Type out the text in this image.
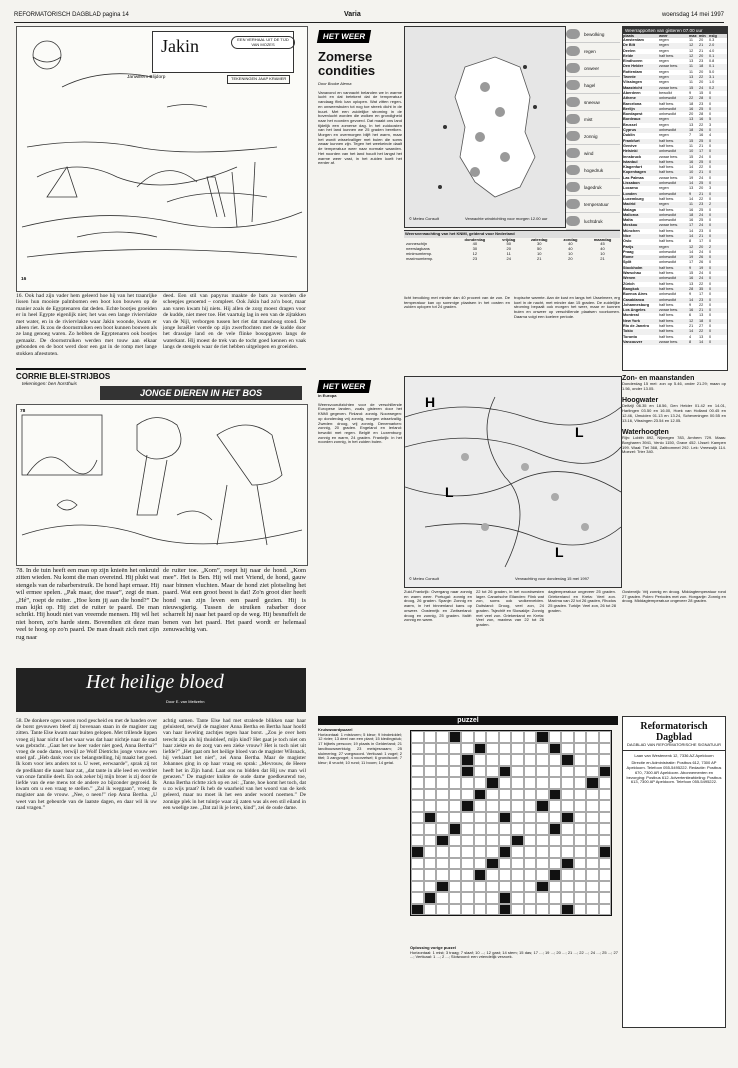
REFORMATORISCH DAGBLAD pagina 14	Varia	woensdag 14 mei 1997
Jakin	EEN VERHAAL UIT DE TIJD VAN MOZES
Janwillem Blijdorp	TEKENINGEN JAAP KRAMER
16
16. Ook had zijn vader hem geleerd hoe hij van het traanrijke lissen hun mooiste palmbomen een boot kon bouwen op de manier zoals de Egyptenaren dat deden. Echte bootjes groeiden er in heel Egypte eigenlijk niet; het was een lange riviervlakte met water, en in de riviervlakte waar Jakin woonde, kwam er alleen riet. Ik zou de doornstruiken een boot kunnen bouwen als ze lang genoeg waren. Zo hebben de Egyptenaren ook bootjes gemaakt. De doornstruiken werden met touw aan elkaar gebonden en de boot werd door een gat in de romp met lange stokken afgestoten.
deed. Een stil van papyrus maakte de bats zo worden die scheepjes genoemd – compleet. Ook Jakin had zo'n boot, maar aan varen kwam hij niets. Hij allen de zorg moest dragen voor de kudde, niet meer toe. Het vaartuig lag in een van de zijtakken van de Nijl, verborgen tussen het riet dat manshoog stond. De jonge Israëliet voerde op zijn zwerftochten met de kudde door het drassige land en de vele flinke bosopgaven langs de waterkant. Hij moest de trek van de tocht goed kennen en vaak langs de stengels waar de riet hebben uitgelopen en groeiden.
CORRIE BLEI-STRIJBOS
tekeningen: ben horsthuis
JONGE DIEREN IN HET BOS
78
78. In de tuin heeft een man op zijn knieën het onkruid zitten wieden. Nu komt die man overeind. Hij plukt wat stengels van de rabarberstruik. De hond hapt ernaar. Hij wil ermee spelen. „Pak maar, doe maar”, zegt de man. „Hé”, roept de ruiter. „Hoe kom jij aan die hond?” De man kijkt op. Hij ziet de ruiter te paard. De man schrikt. Hij houdt niet van vreemde mensen. Hij wil het niet horen, zo'n harde stem. Bovendien zit deze man veel te hoog op zo'n paard. De man draait zich met zijn rug naar
de ruiter toe. „Kom”, roept hij naar de hond. „Kom mee”. Het is Ben. Hij wil met Vriend, de hond, gauw naar binnen vluchten. Maar de hond ziet plotseling het paard. Wat een groot beest is dat! Zo'n groot dier heeft hond van zijn leven een paard gezien. Hij is nieuwsgierig. Tussen de struiken rabarber door scharrelt hij naar het paard op de weg. Hij besnuffelt de benen van het paard. Het paard wordt er helemaal zenuwachtig van.
Het heilige bloed
Door E. van Meltzehn
58. De donkere ogen waren rood gescheid en met de handen over de borst gevouwen bleef zij bovenaan staan in de magister zag zitten. Tante Else kwam naar buiten gelopen. Met trillende lippen vroeg zij haar nicht of het waar was dat haar nichtje naar de stad was gebracht. „Gaat het uw heer vader niet goed, Anna Bertha?” vroeg de oude dame, terwijl ze Wolf Dietrichs jonge vrouw een stoel gaf. „Heb dank voor uw belangstelling, hij maakt het goed. Ik kom voor iets anders tot u. U weet, eerwaarde”, sprak zij tot de predikant die naast haar zat, „dat tante in alle leed en verdriet van onze familie deelt. En ook zeker bij mijn broer is zij door de liefde van de ene mens tot de andere zo bijzonder gegroeid. Ik kwam om u een vraag te stellen.” „Zal ik weggaan”, vroeg de magister aan de vrouw. „Nee, o neen!” riep Anna Bertha. „U weet van het gebeurde van de laatste dagen, en daar wil ik uw raad vragen.”
achtig samen. Tante Else had met stralende blikken naar haar geluisterd, terwijl de magister Anna Bertha en Bertha haar hoofd van haar lieveling zachtjes tegen haar borst. „Zou je over hem terecht zijn als hij thuisbleef, mijn kind? Het gaat je toch niet om haar ziekte en de zorg van een zieke vrouw? Het is toch niet uit liefde?” „Het gaat om het heilige bloed van de magister Wilsnack, hij verklaart het niet”, zei Anna Bertha. Maar de magister Johannes ging in op haar vraag en sprak: „Mevrouw, de Heere heeft het in Zijn hand. Laat ons nu bidden dat Hij uw man wil genezen.” De magister knikte de oude dame goedkeurend toe, Anna Bertha richtte zich op en zei: „Tante, hoe komt het toch, dat u zo wijs praat? Ik heb de waarheid van het woord van de kerk geleerd, maar nu moet ik het een ander woord noemen.” De zonnige plek in het tuintje waar zij zaten was als een stil eiland in een woelige zee. „Dat zal ik je leren, kind”, zei de oude dame.
HET WEER
Zomerse condities
Door Bouke Alema
Vanavond en vannacht belanden we in warme lucht en dat betekent dat de temperatuur vandaag flink kan oplopen. Wat zitten regen- en onweersbuien tot nog toe streek dicht in de buurt. Met een zuidelijke stroming in de bovenlucht worden die wolken en grondigheid naar het noorden gevoerd. Dat maakt ons land tijdelijk een zomerse dag. In het zuidoosten van het land kunnen we 25 graden bereiken. Morgen en overmorgen blijft het warm, maar het wordt wisselvalliger met buien die soms zwaar kunnen zijn. Tegen het weekeinde daalt de temperatuur weer naar normale waarden. Het noorden van het land houdt het langst het warme weer vast, in het zuiden koelt het eerder af.
© Meteo Consult	Verwachte windrichting voor morgen 12.00 uur
bewolking
regen
onweer
hagel
sneeuw
mist
zonnig
wind
hogedruk
lagedruk
temperatuur
luchtdruk
Weersverwachting van het KNMI, geldend voor Nederland
	donderdag	vrijdag	zaterdag	zondag	maandag
zonneschijn	40	50	30	40	45
neerslagkans	30	20	50	40	40
minimumtemp.	12	11	10	10	10
maximumtemp.	23	24	21	20	21
licht bevolking met minder dan 40 procent van de zon. De temperatuur kan op sommige plaatsen in het oosten en zuiden oplopen tot 24 graden.
tropische warmte. Aan de kust en langs het IJsselmeer, erg koel in de nacht, met minder dan 15 graden. De zuidelijke stroming bepaalt ook morgen het weer, maar er kunnen buien en onweer op verschillende plaatsen voorkomen. Daarna volgt een koelere periode.
Weerrapporten van gisteren 07.00 uur
plaats	weer	max min nslg
Amsterdam	regen	11	20	0.3
De Bilt	regen	12	21	2.0
Deelen	regen	12	21	4.0
Eelde	half bew.	12	20	0.1
Eindhoven	regen	13	23	0.8
Den Helder	zwaar bew.	11	18	0.1
Rotterdam	regen	11	20	5.0
Twente	regen	13	22	3.1
Vlissingen	regen	11	20	1.0
Maastricht	zwaar bew.	15	24	0.2
Aberdeen	bewolkt	9	15	0
Athene	onbewolkt	22	28	0
Barcelona	half bew.	18	23	0
Berlijn	onbewolkt	16	25	0
Boedapest	onbewolkt	20	28	0
Bordeaux	regen	13	16	5
Brussel	regen	13	22	3
Cyprus	onbewolkt	18	26	0
Dublin	regen	7	16	4
Frankfurt	half bew.	15	25	0
Genève	half bew.	11	21	0
Helsinki	onbewolkt	10	17	0
Innsbruck	zwaar bew.	15	24	0
Istanbul	half bew.	16	25	0
Klagenfurt	half bew.	14	22	0
Kopenhagen	half bew.	10	21	0
Las Palmas	zwaar bew.	19	24	0
Lissabon	onbewolkt	14	25	0
Locarno	regen	13	20	3
Londen	onbewolkt	9	21	0
Luxemburg	half bew.	14	22	0
Madrid	regen	11	23	2
Malaga	half bew.	16	25	0
Mallorca	onbewolkt	18	24	0
Malta	onbewolkt	16	25	0
Moskou	zwaar bew.	17	24	0
München	half bew.	14	23	0
Nice	half bew.	14	21	0
Oslo	half bew.	8	17	0
Parijs	regen	12	20	2
Praag	onbewolkt	14	24	0
Rome	onbewolkt	19	26	0
Split	onbewolkt	17	26	0
Stockholm	half bew.	9	19	0
Warschau	half bew.	15	24	0
Wenen	onbewolkt	16	24	0
Zürich	half bew.	13	22	0
Bangkok	half bew.	28	35	0
Buenos Aires	onbewolkt	9	17	0
Casablanca	onbewolkt	14	23	0
Johannesburg	half bew.	9	22	0
Los Angeles	zwaar bew.	16	21	0
Montreal	half bew.	6	13	0
New York	half bew.	12	18	0
Rio de Janeiro	half bew.	21	27	0
Tokio	half bew.	14	22	0
Toronto	half bew.	4	13	0
Vancouver	zwaar bew.	8	14	0
Zon- en maanstanden
Donderdag 15 mei: zon op 5.46, onder 21.29; maan op 1.56, onder 13.05.
Hoogwater
Delfzijl 06.35 en 18.56, Den Helder 01.42 en 14.01, Harlingen 03.50 en 16.00, Hoek van Holland 00.45 en 12.46, IJmuiden 01.13 en 13.24, Scheveningen 00.55 en 13.16, Vlissingen 23.54 en 12.05.
Waterhoogten
Rijn: Lobith 892, Nijmegen 783, Arnhem 729. Maas: Borgharen 3941, Venlo 1150, Grave 452. IJssel: Kampen 199. Waal: Tiel 368, Zaltbommel 292. Lek: Vreeswijk 114. Moezel: Trier 340.
HET WEER
in Europa
Weersvooruitzichten voor de verschillende Europese landen, zoals gisteren door het KNMI gegeven. Finland: zonnig. Noorwegen: op donderdag vrij zonnig, morgen wisselvallig. Zweden: droog, vrij zonnig. Denemarken: zonnig, 20 graden. Engeland en Ierland: bewolkt met regen. België en Luxemburg: zonnig en warm, 24 graden. Frankrijk: in het noorden zonnig, in het zuiden buien.
H
L
L
L
© Meteo Consult	Verwachting voor donderdag 15 mei 1997
Zuid-Frankrijk: Overgang naar zonnig en warm weer. Portugal: zonnig en droog, 26 graden. Spanje: Zonnig en warm, in het binnenland kans op onweer. Oostenrijk en Zwitserland: droog en zonnig, 25 graden. Italië: zonnig en warm.
22 tot 26 graden, in het noordwesten lager. Canarische Eilanden: Flink wat zon, soms ook wolkenvelden. Duitsland: Droog, veel zon, 24 graden. Tsjechië en Slowakije: Zonnig met veel zon. Griekenland en Kreta: Veel zon, maxima van 22 tot 26 graden.
dagtemperatuur ongeveer 25 graden. Griekenland en Kreta: Veel zon. Maxima van 22 tot 26 graden, Rhodos 25 graden. Turkije: Veel zon, 26 tot 28 graden.
Oostenrijk: Vrij zonnig en droog. Middagtemperatuur rond 27 graden. Polen: Periodes met zon. Hongarije: Zonnig en droog. Middagtemperatuur ongeveer 28 graden.
puzzel
Kruiswoordpuzzel
Horizontaal: 1 mistvorm; 5 kleur; 9 bindmiddel; 12 rivier; 13 deel van een plant; 15 kledingstuk; 17 bijbels persoon; 19 plaats in Gelderland; 21 landbouwwerktuig; 23 meisjesnaam; 25 sluimering; 27 voegwoord. Verticaal: 1 vogel; 2 titel; 3 zangvogel; 4 voorzetsel; 6 grondsoort; 7 kleur; 8 vrucht; 10 rund; 11 boom; 14 getal.
Oplossing vorige puzzel
Horizontaal: 1 mist; 3 traag; 7 slaaf; 10 ...; 12 gast; 14 stem; 15 das; 17 ...; 19 ...; 20 ...; 21 ...; 22 ...; 24 ...; 25 ...; 27 ...; Verticaal: 1 ...; 2 ...; Slotwoord: een vriendelijk verzoek.
Reformatorisch Dagblad
DAGBLAD VAN REFORMATORISCHE SIGNATUUR
Laan van Westenenk 12, 7336 AZ Apeldoorn
Directie en Administratie: Postbus 612, 7300 AP Apeldoorn. Telefoon 055-5495222. Redactie: Postbus 670, 7300 AR Apeldoorn. Abonnementen en bezorging: Postbus 612. Advertentieafdeling: Postbus 613, 7300 AP Apeldoorn. Telefoon 055-5495222.
